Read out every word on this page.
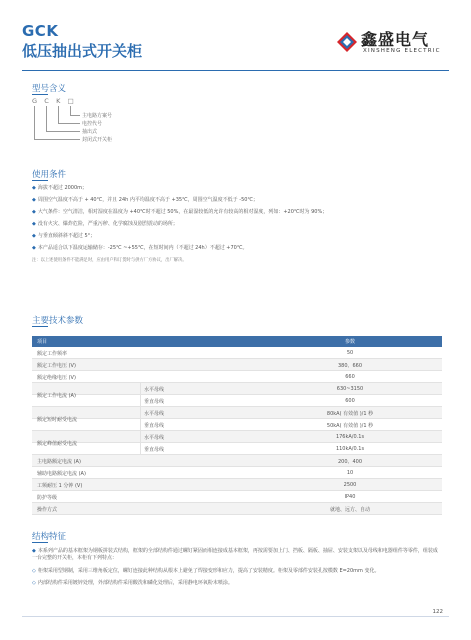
GCK
低压抽出式开关柜
鑫盛电气
XINSHENG ELECTRIC
型号含义
G C K □
主电路方案号
电控代号
抽出式
封闭式开关柜
使用条件
◆ 海拔不超过 2000m；
◆ 周围空气温度不高于 + 40℃，并且 24h 内平均温度不高于 +35℃，周围空气温度不低于 -50℃；
◆ 大气条件：空气清洁，相对湿度在温度为 +40℃时不超过 50%，在最湿较低的允许有较高的相对湿度，列如：+20℃时为 90%；
◆ 没有火灾、爆炸危险，严重污秽、化学腐蚀及剧烈震动的场所；
◆ 与垂直倾斜斜不超过 5°；
◆ 本产品适合以下温度运输储存：-25℃ ~+55℃，在短时间内（不超过 24h）不超过 +70℃。
注：以上述使用条件不能满足时，应由用户和订货时与供方厂方协议，出厂解决。
主要技术参数
项目	参数
额定工作频率	50
额定工作电压 (V)	380、660
额定绝缘电压 (V)	660
额定工作电流 (A)
水平母线	630~3150
垂直母线	600
额定短时耐受电流
水平母线	80kA( 有效值 )/1 秒
垂直母线	50kA( 有效值 )/1 秒
额定峰值耐受电流
水平母线	176kA/0.1s
垂直母线	110kA/0.1s
主电路额定电流 (A)	200、400
辅助电路额定电流 (A)	10
工频耐压 1 分钟 (V)	2500
防护等级	IP40
操作方式	就地、远方、自动
结构特征
◆ 本系列产品的基本框架为钢板拼装式结构，框架的全部结构件通过螺钉紧固而相连接成基本框架，再按需要加上门、挡板、隔板、抽屉、安装支架以及母线和电器组件等零件，组装成一台完整的开关柜，本柜有下列特点：
◇ 柜架采用型钢制，采用三维角板定位，螺钉连接此种结构从根本上避免了焊接变形和应力，提高了安装精度。柜架及零部件安装孔按模数 E=20mm 变化。
◇ 内部结构件采用镀锌处理，外部结构件采用酸洗和磷化处理后，采用静电环氧粉末喷涂。
122
